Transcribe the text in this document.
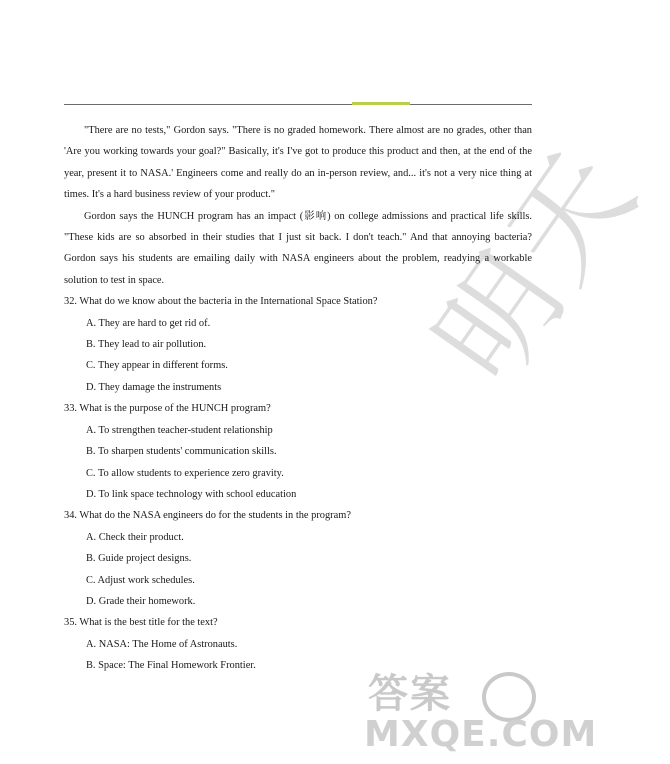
明天

"There are no tests," Gordon says. "There is no graded homework. There almost are no grades, other than 'Are you working towards your goal?" Basically, it's I've got to produce this product and then, at the end of the year, present it to NASA.' Engineers come and really do an in-person review, and... it's not a very nice thing at times. It's a hard business review of your product."

Gordon says the HUNCH program has an impact (影响) on college admissions and practical life skills. "These kids are so absorbed in their studies that I just sit back. I don't teach." And that annoying bacteria? Gordon says his students are emailing daily with NASA engineers about the problem, readying a workable solution to test in space.

32. What do we know about the bacteria in the International Space Station?

A. They are hard to get rid of.

B. They lead to air pollution.

C. They appear in different forms.

D. They damage the instruments

33. What is the purpose of the HUNCH program?

A. To strengthen teacher-student relationship

B. To sharpen students' communication skills.

C. To allow students to experience zero gravity.

D. To link space technology with school education

34. What do the NASA engineers do for the students in the program?

A. Check their product.

B. Guide project designs.

C. Adjust work schedules.

D. Grade their homework.

35. What is the best title for the text?

A. NASA: The Home of Astronauts.

B. Space: The Final Homework Frontier.

答案
MXQE.COM
